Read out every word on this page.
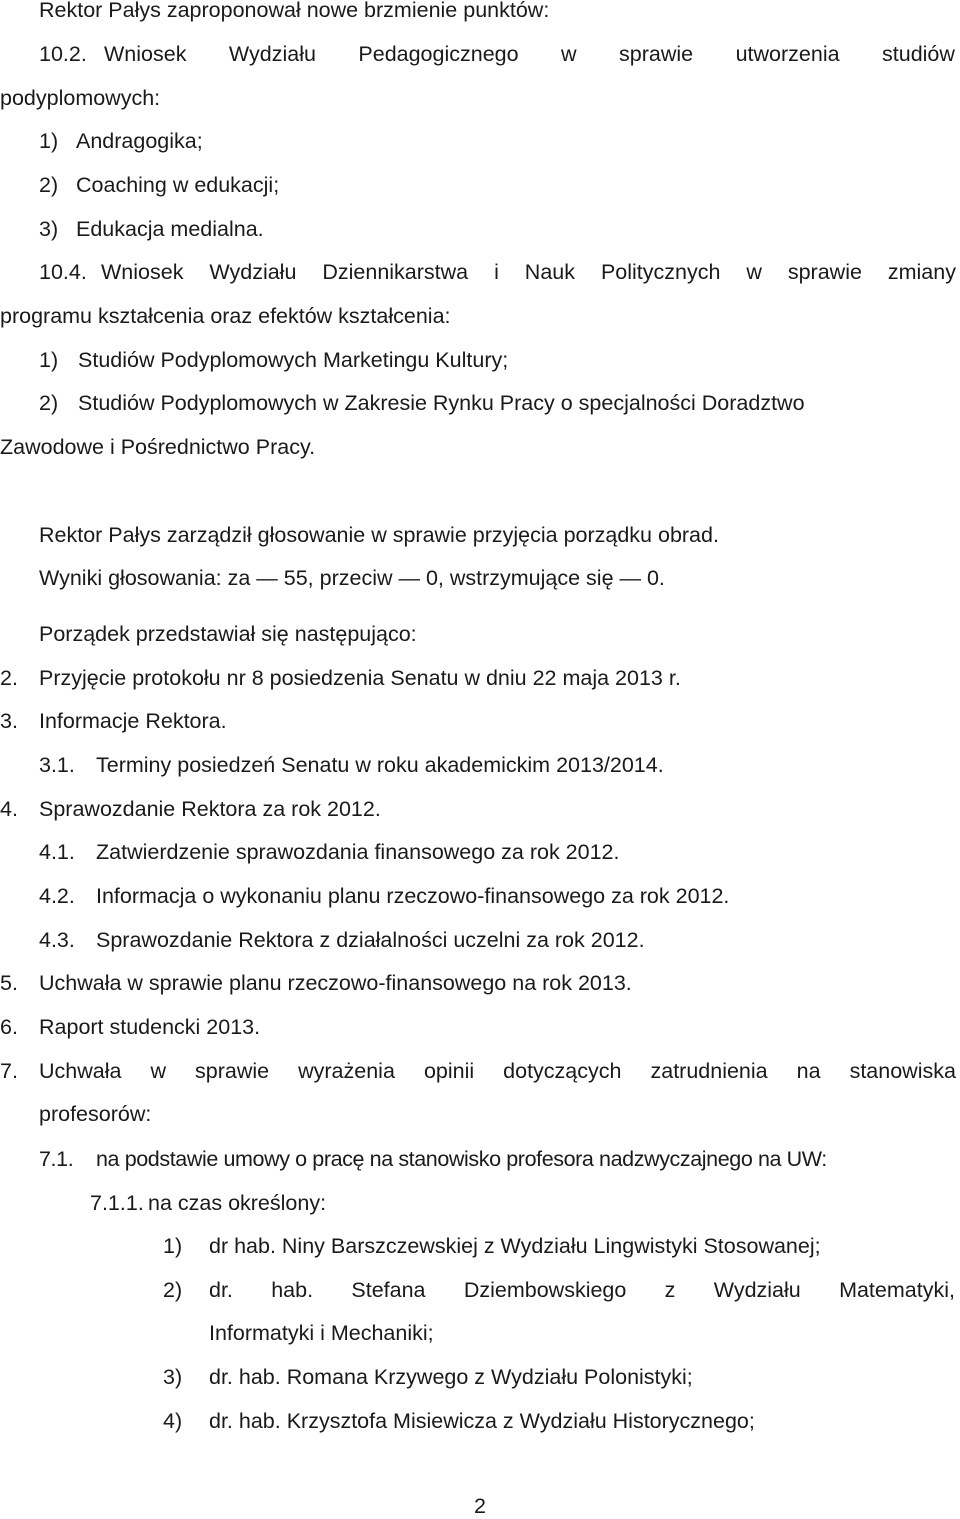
Rektor Pałys zaproponował nowe brzmienie punktów:
10.2. Wniosek Wydziału Pedagogicznego w sprawie utworzenia studiów
podyplomowych:
1) Andragogika;
2) Coaching w edukacji;
3) Edukacja medialna.
10.4. Wniosek Wydziału Dziennikarstwa i Nauk Politycznych w sprawie zmiany
programu kształcenia oraz efektów kształcenia:
1) Studiów Podyplomowych Marketingu Kultury;
2) Studiów Podyplomowych w Zakresie Rynku Pracy o specjalności Doradztwo
Zawodowe i Pośrednictwo Pracy.
Rektor Pałys zarządził głosowanie w sprawie przyjęcia porządku obrad.
Wyniki głosowania: za — 55, przeciw — 0, wstrzymujące się — 0.
Porządek przedstawiał się następująco:
2. Przyjęcie protokołu nr 8 posiedzenia Senatu w dniu 22 maja 2013 r.
3. Informacje Rektora.
3.1. Terminy posiedzeń Senatu w roku akademickim 2013/2014.
4. Sprawozdanie Rektora za rok 2012.
4.1. Zatwierdzenie sprawozdania finansowego za rok 2012.
4.2. Informacja o wykonaniu planu rzeczowo-finansowego za rok 2012.
4.3. Sprawozdanie Rektora z działalności uczelni za rok 2012.
5. Uchwała w sprawie planu rzeczowo-finansowego na rok 2013.
6. Raport studencki 2013.
7. Uchwała w sprawie wyrażenia opinii dotyczących zatrudnienia na stanowiska
profesorów:
7.1. na podstawie umowy o pracę na stanowisko profesora nadzwyczajnego na UW:
7.1.1. na czas określony:
1) dr hab. Niny Barszczewskiej z Wydziału Lingwistyki Stosowanej;
2) dr. hab. Stefana Dziembowskiego z Wydziału Matematyki,
Informatyki i Mechaniki;
3) dr. hab. Romana Krzywego z Wydziału Polonistyki;
4) dr. hab. Krzysztofa Misiewicza z Wydziału Historycznego;
2
